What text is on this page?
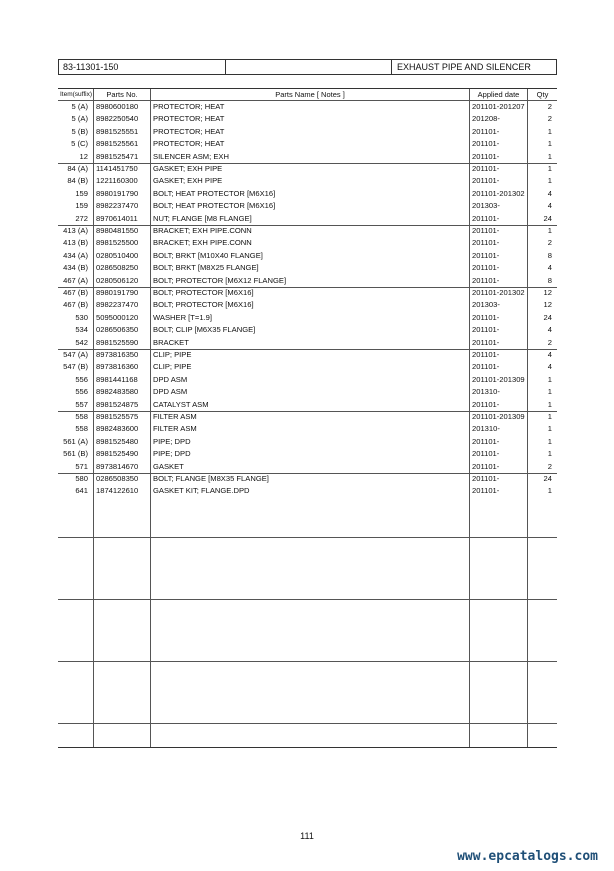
83-11301-150	EXHAUST PIPE AND SILENCER
Item(suffix)	Parts No.	Parts Name [ Notes ]	Applied date	Qty
5 (A) 8980600180 PROTECTOR; HEAT	201101-201207	2
5 (A) 8982250540 PROTECTOR; HEAT	201208-	2
5 (B) 8981525551 PROTECTOR; HEAT	201101-	1
5 (C) 8981525561 PROTECTOR; HEAT	201101-	1
12 8981525471 SILENCER ASM; EXH	201101-	1
84 (A) 1141451750 GASKET; EXH PIPE	201101-	1
84 (B) 1221160300 GASKET; EXH PIPE	201101-	1
159 8980191790 BOLT; HEAT PROTECTOR [M6X16]	201101-201302	4
159 8982237470 BOLT; HEAT PROTECTOR [M6X16]	201303-	4
272 8970614011 NUT; FLANGE [M8 FLANGE]	201101-	24
413 (A) 8980481550 BRACKET; EXH PIPE.CONN	201101-	1
413 (B) 8981525500 BRACKET; EXH PIPE.CONN	201101-	2
434 (A) 0280510400 BOLT; BRKT [M10X40 FLANGE]	201101-	8
434 (B) 0286508250 BOLT; BRKT [M8X25 FLANGE]	201101-	4
467 (A) 0280506120 BOLT; PROTECTOR [M6X12 FLANGE]	201101-	8
467 (B) 8980191790 BOLT; PROTECTOR [M6X16]	201101-201302	12
467 (B) 8982237470 BOLT; PROTECTOR [M6X16]	201303-	12
530 5095000120 WASHER [T=1.9]	201101-	24
534 0286506350 BOLT; CLIP [M6X35 FLANGE]	201101-	4
542 8981525590 BRACKET	201101-	2
547 (A) 8973816350 CLIP; PIPE	201101-	4
547 (B) 8973816360 CLIP; PIPE	201101-	4
556 8981441168 DPD ASM	201101-201309	1
556 8982483580 DPD ASM	201310-	1
557 8981524875 CATALYST ASM	201101-	1
558 8981525575 FILTER ASM	201101-201309	1
558 8982483600 FILTER ASM	201310-	1
561 (A) 8981525480 PIPE; DPD	201101-	1
561 (B) 8981525490 PIPE; DPD	201101-	1
571 8973814670 GASKET	201101-	2
580 0286508350 BOLT; FLANGE [M8X35 FLANGE]	201101-	24
641 1874122610 GASKET KIT; FLANGE.DPD	201101-	1
111
www.epcatalogs.com
